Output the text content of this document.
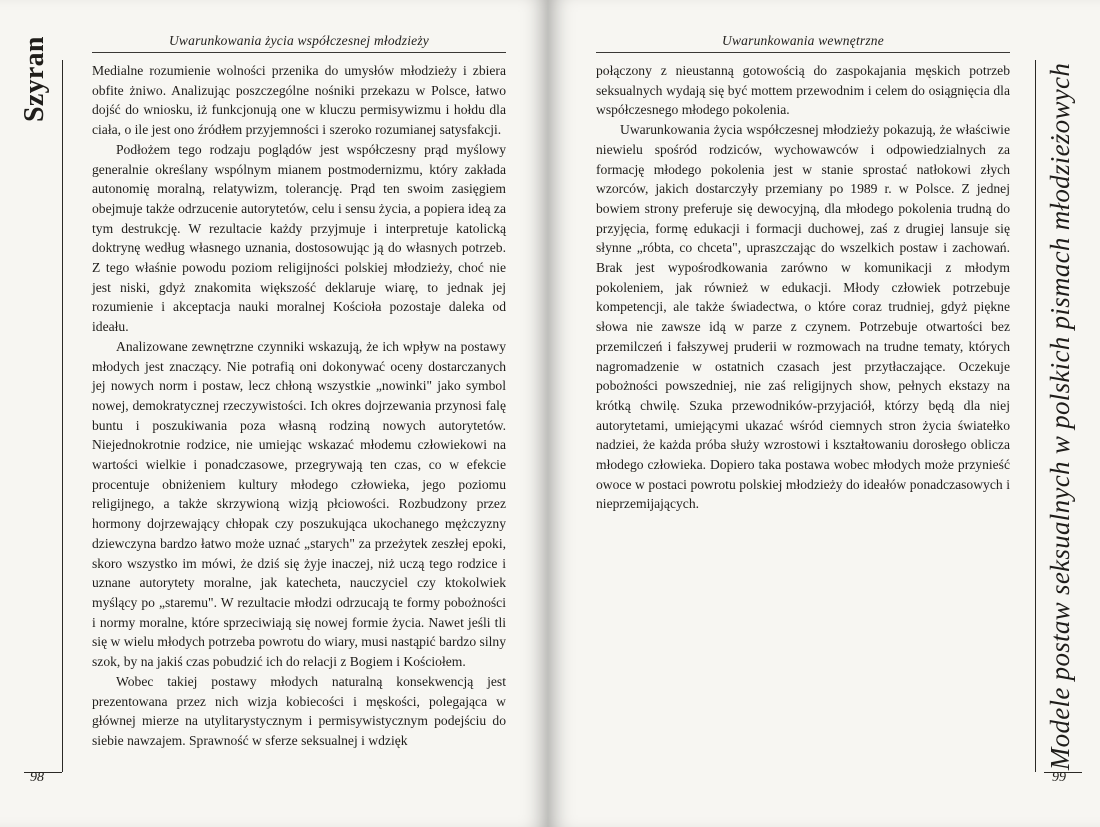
Uwarunkowania życia współczesnej młodzieży
Szyran	Medialne rozumienie wolności przenika do umysłów młodzieży i zbiera obfite żniwo. Analizując poszczególne nośniki przekazu w Polsce, łatwo dojść do wniosku, iż funkcjonują one w kluczu permisywizmu i hołdu dla ciała, o ile jest ono źródłem przyjemności i szeroko rozumianej satysfakcji.

Podłożem tego rodzaju poglądów jest współczesny prąd myślowy generalnie określany wspólnym mianem postmodernizmu, który zakłada autonomię moralną, relatywizm, tolerancję. Prąd ten swoim zasięgiem obejmuje także odrzucenie autorytetów, celu i sensu życia, a popiera ideą za tym destrukcję. W rezultacie każdy przyjmuje i interpretuje katolicką doktrynę według własnego uznania, dostosowując ją do własnych potrzeb. Z tego właśnie powodu poziom religijności polskiej młodzieży, choć nie jest niski, gdyż znakomita większość deklaruje wiarę, to jednak jej rozumienie i akceptacja nauki moralnej Kościoła pozostaje daleka od ideału.

Analizowane zewnętrzne czynniki wskazują, że ich wpływ na postawy młodych jest znaczący. Nie potrafią oni dokonywać oceny dostarczanych jej nowych norm i postaw, lecz chłoną wszystkie „nowinki" jako symbol nowej, demokratycznej rzeczywistości. Ich okres dojrzewania przynosi falę buntu i poszukiwania poza własną rodziną nowych autorytetów. Niejednokrotnie rodzice, nie umiejąc wskazać młodemu człowiekowi na wartości wielkie i ponadczasowe, przegrywają ten czas, co w efekcie procentuje obniżeniem kultury młodego człowieka, jego poziomu religijnego, a także skrzywioną wizją płciowości. Rozbudzony przez hormony dojrzewający chłopak czy poszukująca ukochanego mężczyzny dziewczyna bardzo łatwo może uznać „starych" za przeżytek zeszłej epoki, skoro wszystko im mówi, że dziś się żyje inaczej, niż uczą tego rodzice i uznane autorytety moralne, jak katecheta, nauczyciel czy ktokolwiek myślący po „staremu". W rezultacie młodzi odrzucają te formy pobożności i normy moralne, które sprzeciwiają się nowej formie życia. Nawet jeśli tli się w wielu młodych potrzeba powrotu do wiary, musi nastąpić bardzo silny szok, by na jakiś czas pobudzić ich do relacji z Bogiem i Kościołem.

Wobec takiej postawy młodych naturalną konsekwencją jest prezentowana przez nich wizja kobiecości i męskości, polegająca w głównej mierze na utylitarystycznym i permisywistycznym podejściu do siebie nawzajem. Sprawność w sferze seksualnej i wdzięk

98
Uwarunkowania wewnętrzne
Modele postaw seksualnych w polskich pismach młodzieżowych

połączony z nieustanną gotowością do zaspokajania męskich potrzeb seksualnych wydają się być mottem przewodnim i celem do osiągnięcia dla współczesnego młodego pokolenia.

Uwarunkowania życia współczesnej młodzieży pokazują, że właściwie niewielu spośród rodziców, wychowawców i odpowiedzialnych za formację młodego pokolenia jest w stanie sprostać natłokowi złych wzorców, jakich dostarczyły przemiany po 1989 r. w Polsce. Z jednej bowiem strony preferuje się dewocyjną, dla młodego pokolenia trudną do przyjęcia, formę edukacji i formacji duchowej, zaś z drugiej lansuje się słynne „róbta, co chceta", upraszczając do wszelkich postaw i zachowań. Brak jest wypośrodkowania zarówno w komunikacji z młodym pokoleniem, jak również w edukacji. Młody człowiek potrzebuje kompetencji, ale także świadectwa, o które coraz trudniej, gdyż piękne słowa nie zawsze idą w parze z czynem. Potrzebuje otwartości bez przemilczeń i fałszywej pruderii w rozmowach na trudne tematy, których nagromadzenie w ostatnich czasach jest przytłaczające. Oczekuje pobożności powszedniej, nie zaś religijnych show, pełnych ekstazy na krótką chwilę. Szuka przewodników-przyjaciół, którzy będą dla niej autorytetami, umiejącymi ukazać wśród ciemnych stron życia światełko nadziei, że każda próba służy wzrostowi i kształtowaniu dorosłego oblicza młodego człowieka. Dopiero taka postawa wobec młodych może przynieść owoce w postaci powrotu polskiej młodzieży do ideałów ponadczasowych i nieprzemijających.

99
